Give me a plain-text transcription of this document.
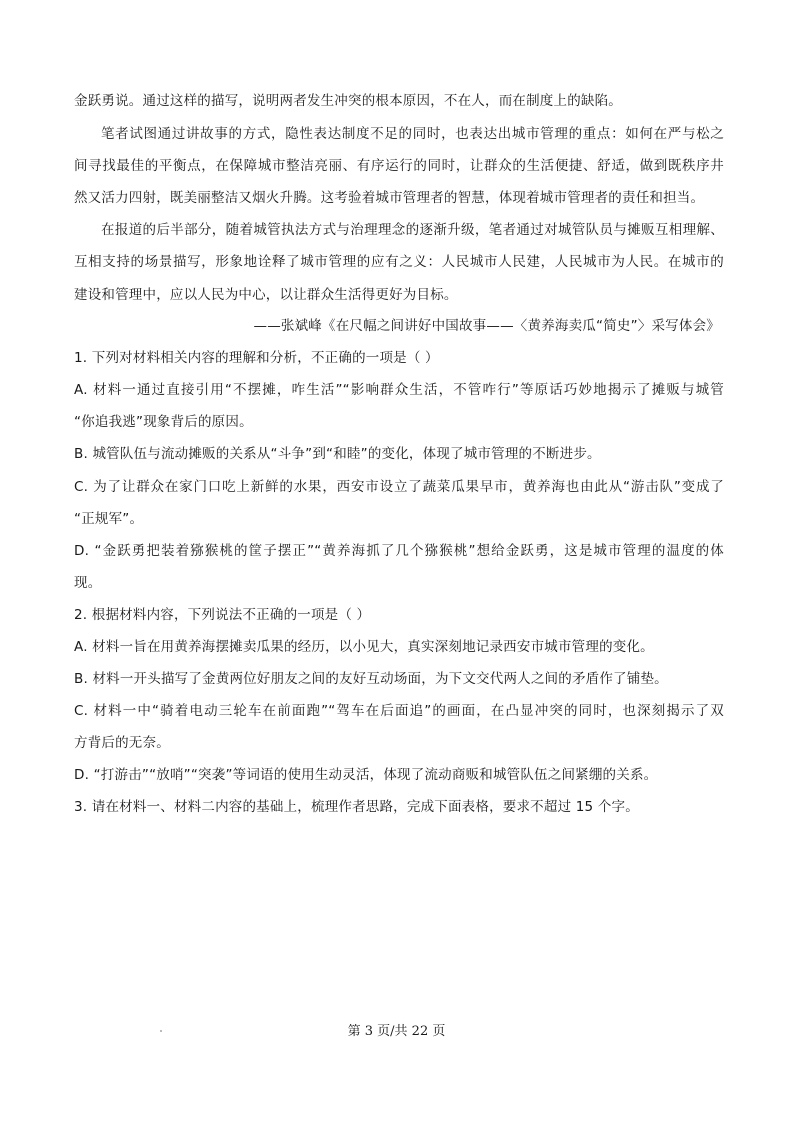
金跃勇说。通过这样的描写，说明两者发生冲突的根本原因，不在人，而在制度上的缺陷。
笔者试图通过讲故事的方式，隐性表达制度不足的同时，也表达出城市管理的重点：如何在严与松之
间寻找最佳的平衡点，在保障城市整洁亮丽、有序运行的同时，让群众的生活便捷、舒适，做到既秩序井
然又活力四射，既美丽整洁又烟火升腾。这考验着城市管理者的智慧，体现着城市管理者的责任和担当。
在报道的后半部分，随着城管执法方式与治理理念的逐渐升级，笔者通过对城管队员与摊贩互相理解、
互相支持的场景描写，形象地诠释了城市管理的应有之义：人民城市人民建，人民城市为人民。在城市的
建设和管理中，应以人民为中心，以让群众生活得更好为目标。
——张斌峰《在尺幅之间讲好中国故事——〈黄养海卖瓜“简史”〉采写体会》
1. 下列对材料相关内容的理解和分析，不正确的一项是（ ）
A. 材料一通过直接引用“不摆摊，咋生活”“影响群众生活，不管咋行”等原话巧妙地揭示了摊贩与城管
“你追我逃”现象背后的原因。
B. 城管队伍与流动摊贩的关系从“斗争”到“和睦”的变化，体现了城市管理的不断进步。
C. 为了让群众在家门口吃上新鲜的水果，西安市设立了蔬菜瓜果早市，黄养海也由此从“游击队”变成了
“正规军”。
D. “金跃勇把装着猕猴桃的筐子摆正”“黄养海抓了几个猕猴桃”想给金跃勇，这是城市管理的温度的体
现。
2. 根据材料内容，下列说法不正确的一项是（ ）
A. 材料一旨在用黄养海摆摊卖瓜果的经历，以小见大，真实深刻地记录西安市城市管理的变化。
B. 材料一开头描写了金黄两位好朋友之间的友好互动场面，为下文交代两人之间的矛盾作了铺垫。
C. 材料一中“骑着电动三轮车在前面跑”“驾车在后面追”的画面，在凸显冲突的同时，也深刻揭示了双
方背后的无奈。
D. “打游击”“放哨”“突袭”等词语的使用生动灵活，体现了流动商贩和城管队伍之间紧绷的关系。
3. 请在材料一、材料二内容的基础上，梳理作者思路，完成下面表格，要求不超过 15 个字。
第 3 页/共 22 页
